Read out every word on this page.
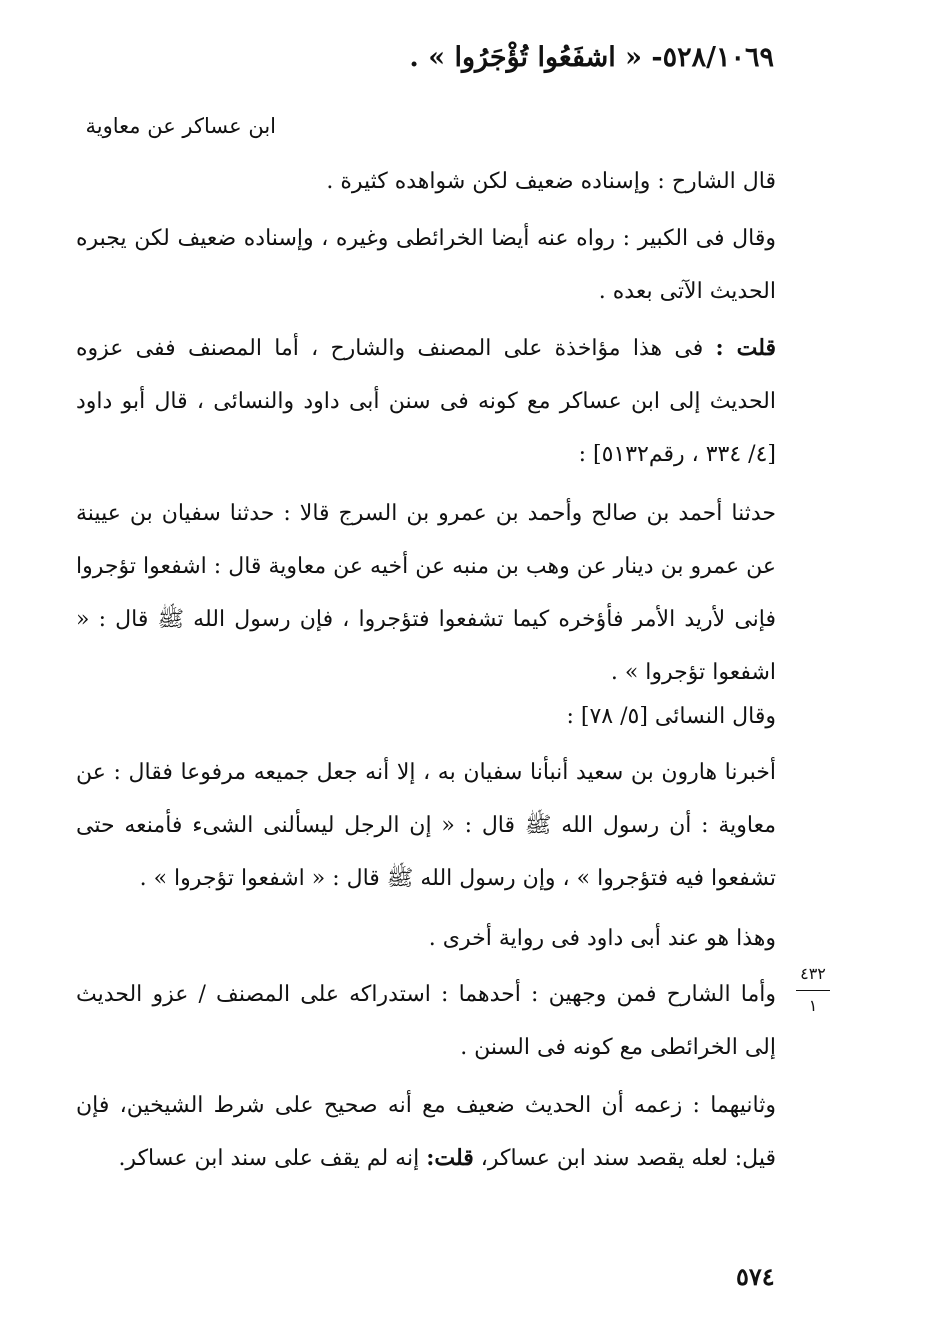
٥٢٨/١٠٦٩- « اشفَعُوا تُؤْجَرُوا » .
ابن عساكر عن معاوية
قال الشارح : وإسناده ضعيف لكن شواهده كثيرة .
وقال فى الكبير : رواه عنه أيضا الخرائطى وغيره ، وإسناده ضعيف لكن يجبره الحديث الآتى بعده .
قلت : فى هذا مؤاخذة على المصنف والشارح ، أما المصنف ففى عزوه الحديث إلى ابن عساكر مع كونه فى سنن أبى داود والنسائى ، قال أبو داود [٤/ ٣٣٤ ، رقم٥١٣٢] :
حدثنا أحمد بن صالح وأحمد بن عمرو بن السرج قالا : حدثنا سفيان بن عيينة عن عمرو بن دينار عن وهب بن منبه عن أخيه عن معاوية قال : اشفعوا تؤجروا فإنى لأريد الأمر فأؤخره كيما تشفعوا فتؤجروا ، فإن رسول الله ﷺ قال : « اشفعوا تؤجروا » .
وقال النسائى [٥/ ٧٨] :
أخبرنا هارون بن سعيد أنبأنا سفيان به ، إلا أنه جعل جميعه مرفوعا فقال : عن معاوية : أن رسول الله ﷺ قال : « إن الرجل ليسألنى الشىء فأمنعه حتى تشفعوا فيه فتؤجروا » ، وإن رسول الله ﷺ قال : « اشفعوا تؤجروا » .
وهذا هو عند أبى داود فى رواية أخرى .
وأما الشارح فمن وجهين : أحدهما : استدراكه على المصنف / عزو الحديث إلى الخرائطى مع كونه فى السنن .
وثانيهما : زعمه أن الحديث ضعيف مع أنه صحيح على شرط الشيخين، فإن قيل: لعله يقصد سند ابن عساكر، قلت: إنه لم يقف على سند ابن عساكر.
٤٣٢
١
٥٧٤
